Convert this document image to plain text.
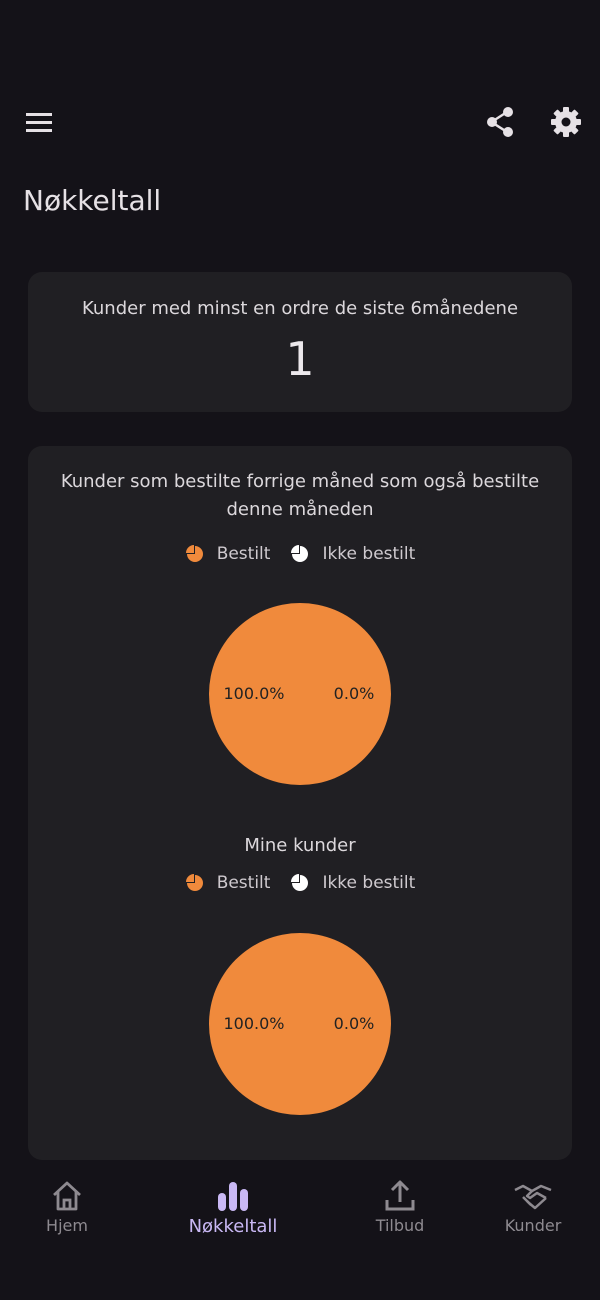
Nøkkeltall
Kunder med minst en ordre de siste 6månedene
1
Kunder som bestilte forrige måned som også bestilte denne måneden
Bestilt	Ikke bestilt
100.0%	0.0%
Mine kunder
Bestilt	Ikke bestilt
100.0%	0.0%
Hjem	Nøkkeltall	Tilbud	Kunder
